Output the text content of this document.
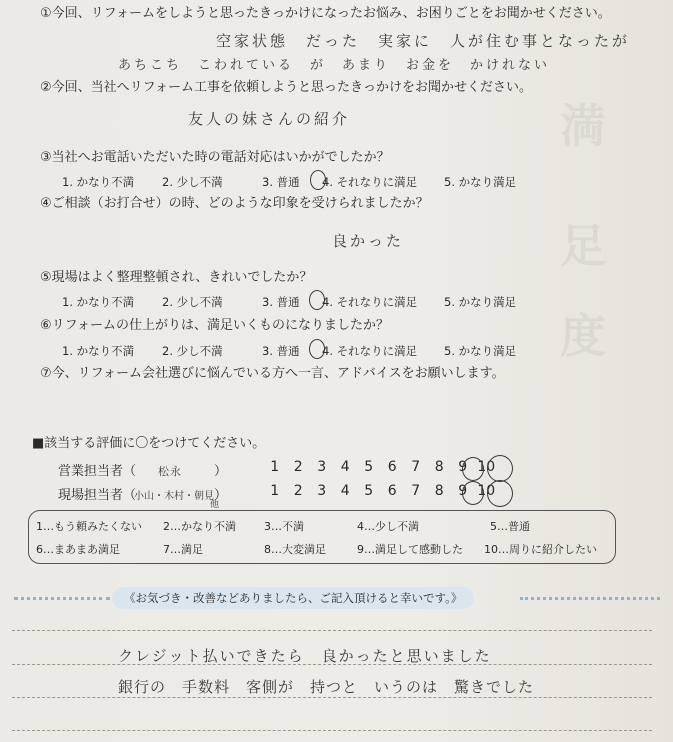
満
足
度
①今回、リフォームをしようと思ったきっかけになったお悩み、お困りごとをお聞かせください。
空家状態　だった　実家に　人が住む事となったが
あちこち　こわれている　が　あまり　お金を　かけれない
②今回、当社へリフォーム工事を依頼しようと思ったきっかけをお聞かせください。
友人の妹さんの紹介
③当社へお電話いただいた時の電話対応はいかがでしたか？
1. かなり不満 2. 少し不満	3. 普通 4. それなりに満足 5. かなり満足
④ご相談（お打合せ）の時、どのような印象を受けられましたか？
良かった
⑤現場はよく整理整頓され、きれいでしたか？
1. かなり不満 2. 少し不満	3. 普通 4. それなりに満足 5. かなり満足
⑥リフォームの仕上がりは、満足いくものになりましたか？
1. かなり不満 2. 少し不満	3. 普通 4. それなりに満足 5. かなり満足
⑦今、リフォーム会社選びに悩んでいる方へ一言、アドバイスをお願いします。
■該当する評価に〇をつけてください。
営業担当者（ 松永 ）	1 2 3 4 5 6 7 8 9 10
現場担当者（小山・木村・朝見）	1 2 3 4 5 6 7 8 9 10
他
1…もう頼みたくない 2…かなり不満	3…不満	4…少し不満	5…普通
6…まあまあ満足	7…満足	8…大変満足	9…満足して感動した 10…周りに紹介したい
《お気づき・改善などありましたら、ご記入頂けると幸いです。》
クレジット払いできたら　良かったと思いました
銀行の　手数料　客側が　持つと　いうのは　驚きでした
